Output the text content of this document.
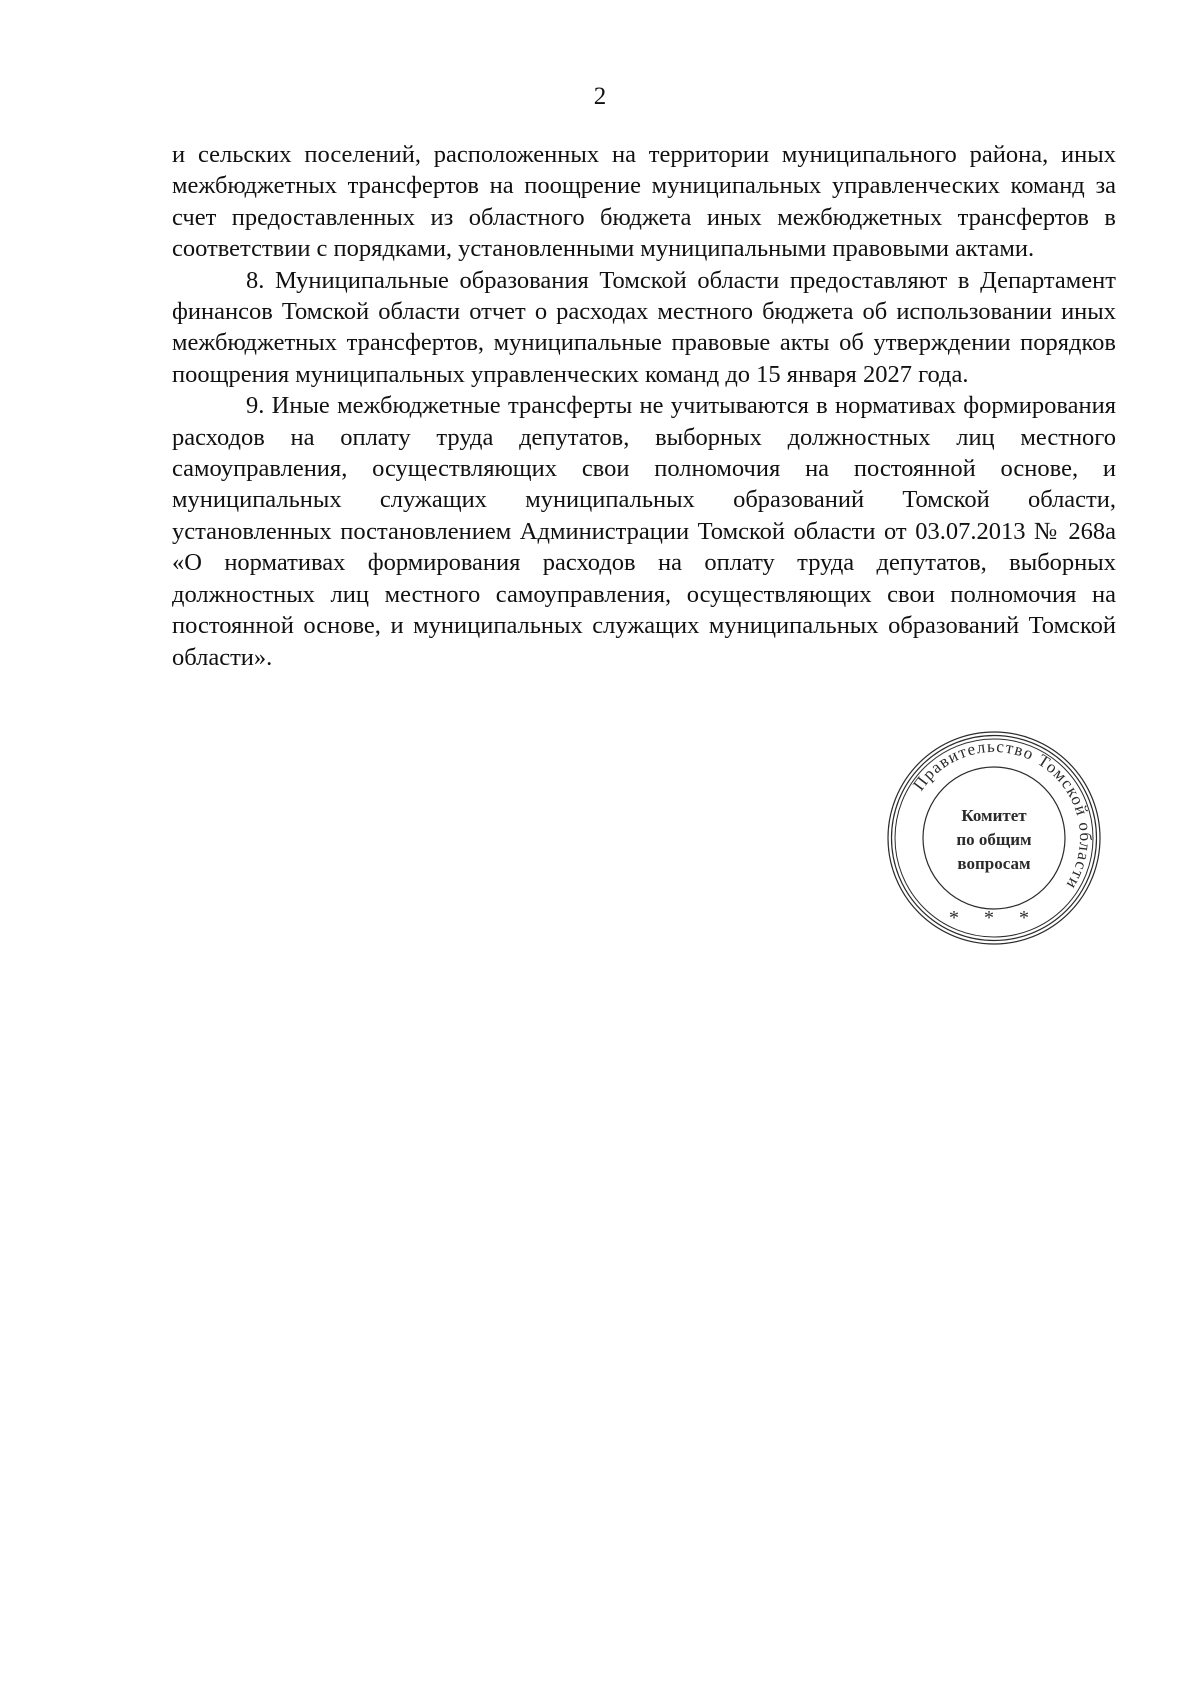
2

и сельских поселений, расположенных на территории муниципального района, иных межбюджетных трансфертов на поощрение муниципальных управленческих команд за счет предоставленных из областного бюджета иных межбюджетных трансфертов в соответствии с порядками, установленными муниципальными правовыми актами.

8. Муниципальные образования Томской области предоставляют в Департамент финансов Томской области отчет о расходах местного бюджета об использовании иных межбюджетных трансфертов, муниципальные правовые акты об утверждении порядков поощрения муниципальных управленческих команд до 15 января 2027 года.

9. Иные межбюджетные трансферты не учитываются в нормативах формирования расходов на оплату труда депутатов, выборных должностных лиц местного самоуправления, осуществляющих свои полномочия на постоянной основе, и муниципальных служащих муниципальных образований Томской области, установленных постановлением Администрации Томской области от 03.07.2013 № 268а «О нормативах формирования расходов на оплату труда депутатов, выборных должностных лиц местного самоуправления, осуществляющих свои полномочия на постоянной основе, и муниципальных служащих муниципальных образований Томской области».

Правительство Томской области
Комитет
по общим
вопросам
* * *
